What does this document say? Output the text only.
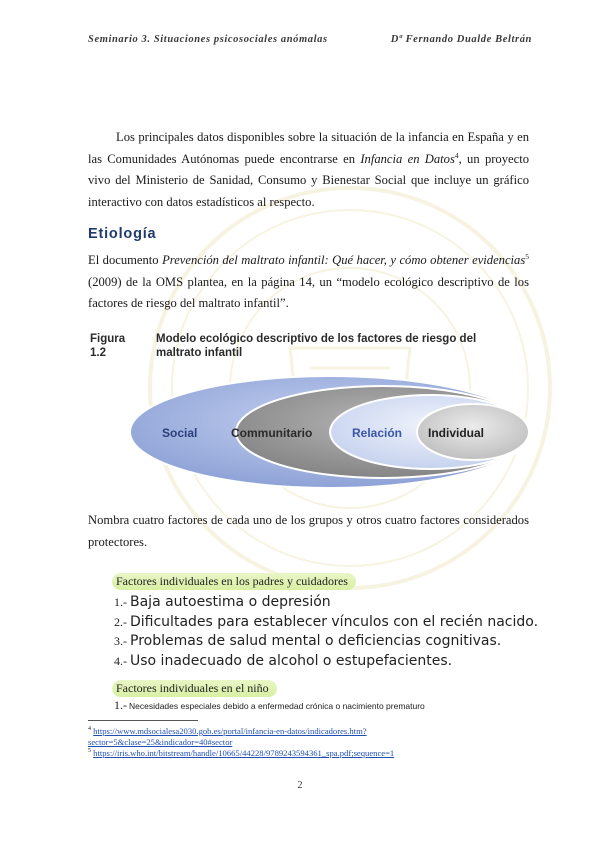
Seminario 3. Situaciones psicosociales anómalas	Dª Fernando Dualde Beltrán
Los principales datos disponibles sobre la situación de la infancia en España y en las Comunidades Autónomas puede encontrarse en Infancia en Datos$^4$, un proyecto vivo del Ministerio de Sanidad, Consumo y Bienestar Social que incluye un gráfico interactivo con datos estadísticos al respecto.
Etiología
El documento Prevención del maltrato infantil: Qué hacer, y cómo obtener evidencias$^5$ (2009) de la OMS plantea, en la página 14, un “modelo ecológico descriptivo de los factores de riesgo del maltrato infantil”.
Figura 1.2
Modelo ecológico descriptivo de los factores de riesgo del maltrato infantil
Social	Communitario	Relación Individual
Nombra cuatro factores de cada uno de los grupos y otros cuatro factores considerados protectores.
Factores individuales en los padres y cuidadores
1.- Baja autoestima o depresión
2.- Dificultades para establecer vínculos con el recién nacido.
3.- Problemas de salud mental o deficiencias cognitivas.
4.- Uso inadecuado de alcohol o estupefacientes.
Factores individuales en el niño
1.- Necesidades especiales debido a enfermedad crónica o nacimiento prematuro
$^4$ https://www.mdsocialesa2030.gob.es/portal/infancia-en-datos/indicadores.htm?
sector=5&clase=25&indicador=40#sector
$^5$ https://iris.who.int/bitstream/handle/10665/44228/9789243594361_spa.pdf;sequence=1
2
